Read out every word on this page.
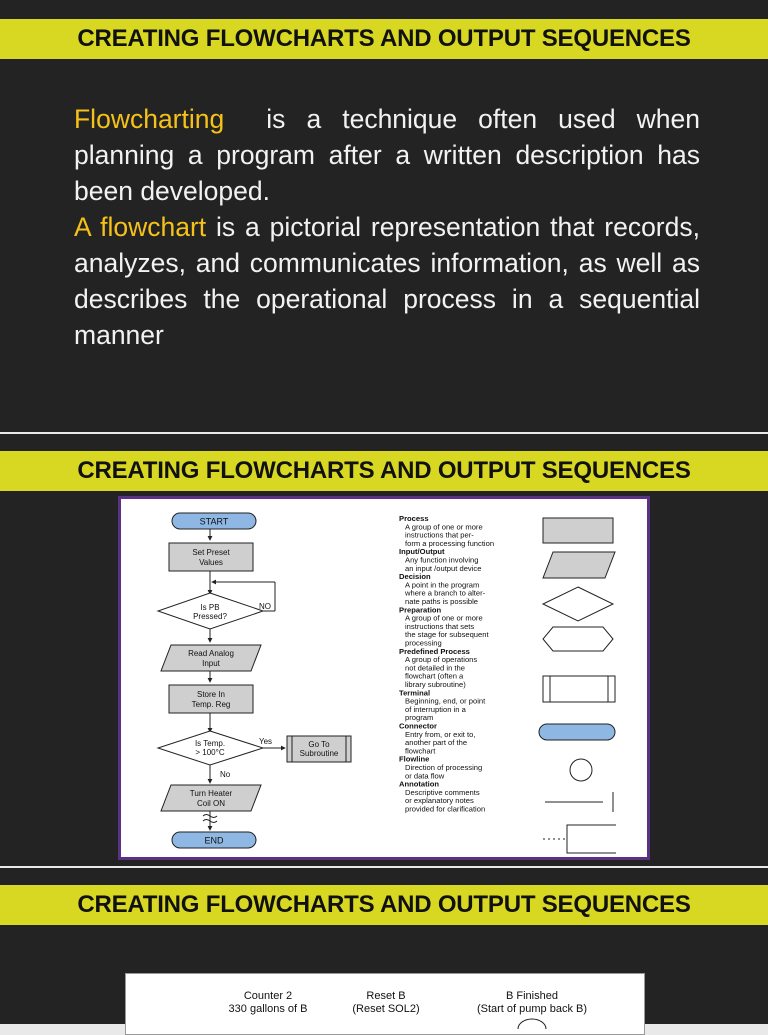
CREATING FLOWCHARTS AND OUTPUT SEQUENCES

Flowcharting  is a technique often used when planning a program after a written description has been developed.

A flowchart is a pictorial representation that records, analyzes, and communicates information, as well as describes the operational process in a sequential manner

CREATING FLOWCHARTS AND OUTPUT SEQUENCES
START
Set Preset
Values
Is PB
Pressed?
NO
Read Analog
Input
Store In
Temp. Reg
Is Temp.
> 100°C
Yes	Go To
Subroutine
No
Turn Heater
Coil ON
END
Process
A group of one or more
instructions that per-
form a processing function
Input/Output
Any function involving
an input /output device
Decision
A point in the program
where a branch to alter-
nate paths is possible
Preparation
A group of one or more
instructions that sets
the stage for subsequent
processing
Predefined Process
A group of operations
not detailed in the
flowchart (often a
library subroutine)
Terminal
Beginning, end, or point
of interruption in a
program
Connector
Entry from, or exit to,
another part of the
flowchart
Flowline
Direction of processing
or data flow
Annotation
Descriptive comments
or explanatory notes
provided for clarification
CREATING FLOWCHARTS AND OUTPUT SEQUENCES
Counter 2
330 gallons of B
Reset B
(Reset SOL2)
B Finished
(Start of pump back B)
